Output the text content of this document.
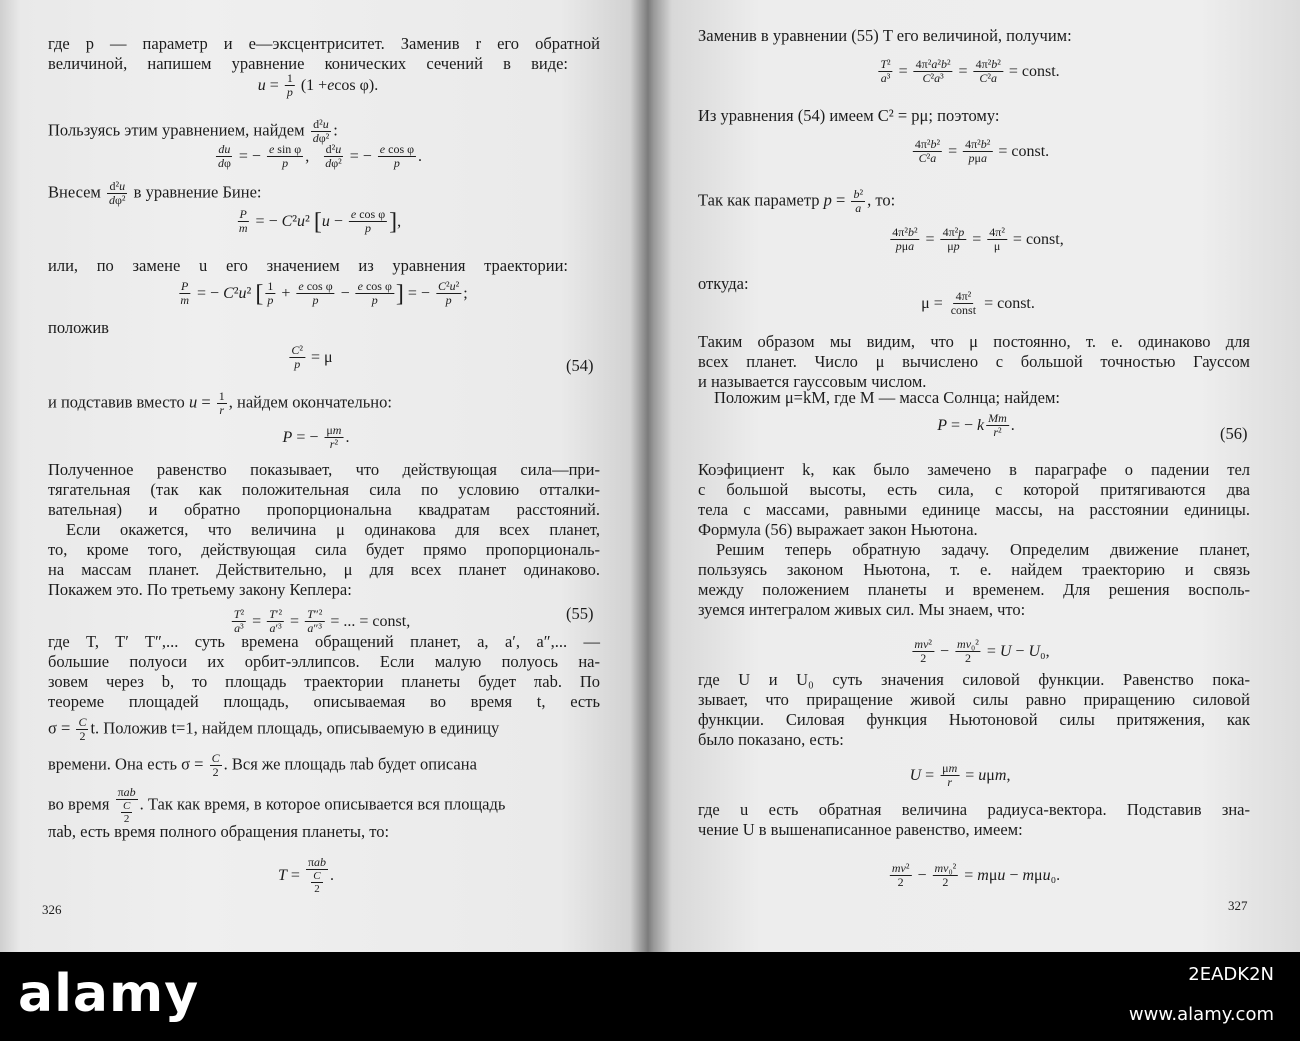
где p — параметр и e—эксцентриситет. Заменив r его обратной
величиной, напишем уравнение конических сечений в виде:
u = 1
p (1 + e cos φ).
Пользуясь этим уравнением, найдем $\frac{\text{d²u}}{\text{dφ²}}$ :
du
dφ = − e sin φ
p , d²u
dφ² = − e cos φ
p .
Внесем $\frac{\text{d²u}}{\text{dφ²}}$ в уравнение Бине:
P
m = − C ² u ² [ u − e cos φ
p ] ,
или, по замене u его значением из уравнения траектории:
P
m = − C ² u ² [ 1
p + e cos φ
p − e cos φ
p ] = − C²u²
p ;
положив
C²
p = μ	(54)
и подставив вместо $u = \frac{1}{r}$ , найдем окончательно:
P = − μm
r² .
Полученное равенство показывает, что действующая сила—при-
тягательная (так как положительная сила по условию отталки-
вательная) и обратно пропорциональна квадратам расстояний.
Если окажется, что величина μ одинакова для всех планет,
то, кроме того, действующая сила будет прямо пропорциональ-
на массам планет. Действительно, μ для всех планет одинаково.
Покажем это. По третьему закону Кеплера:
T²
a³ = T′²
a′³ = T″²
a″³ = ... = const,	(55)
где T, T′ T″,... суть времена обращений планет, a, a′, a″,... —
большие полуоси их орбит-эллипсов. Если малую полуось на-
зовем через b, то площадь траектории планеты будет πab. По
теореме площадей площадь, описываемая во время t, есть
$\sigma = \frac{C}{2} t$. Положив t=1, найдем площадь, описываемую в единицу
времени. Она есть $\sigma = \frac{C}{2}$ . Вся же площадь πab будет описана
во время
πab
$\frac{C}{2}$ . Так как время, в которое описывается вся площадь
πab, есть время полного обращения планеты, то:
T =
πab
$\frac{C}{2}$ .
326
Заменив в уравнении (55) T его величиной, получим:
T²
a³ = 4π²a²b²
C²a³ = 4π²b²
C²a = const.
Из уравнения (54) имеем C² = pμ; поэтому:
4π²b²
C²a = 4π²b²
pμa = const.
Так как параметр $p = \frac{\text{b²}}{a}$ , то:
4π²b²
pμa = 4π²p
μp = 4π²
μ = const,
откуда:
μ = 4π²
const = const.
Таким образом мы видим, что μ постоянно, т. е. одинаково для
всех планет. Число μ вычислено с большой точностью Гауссом
и называется гауссовым числом.
Положим μ=kM, где M — масса Солнца; найдем:
P = − k Mm
r² .	(56)
Коэфициент k, как было замечено в параграфе о падении тел
с большой высоты, есть сила, с которой притягиваются два
тела с массами, равными единице массы, на расстоянии единицы.
Формула (56) выражает закон Ньютона.
Решим теперь обратную задачу. Определим движение планет,
пользуясь законом Ньютона, т. е. найдем траекторию и связь
между положением планеты и временем. Для решения восполь-
зуемся интегралом живых сил. Мы знаем, что:
mv²
2 − mv₀²
2 = U − U ₀,
где U и U₀ суть значения силовой функции. Равенство пока-
зывает, что приращение живой силы равно приращению силовой
функции. Силовая функция Ньютоновой силы притяжения, как
было показано, есть:
U = μm
r = u μ m ,
где u есть обратная величина радиуса-вектора. Подставив зна-
чение U в вышенаписанное равенство, имеем:
mv²
2 − mv₀²
2 = m μ u − m μ u ₀.
327
alamy	2EADK2N
www.alamy.com
